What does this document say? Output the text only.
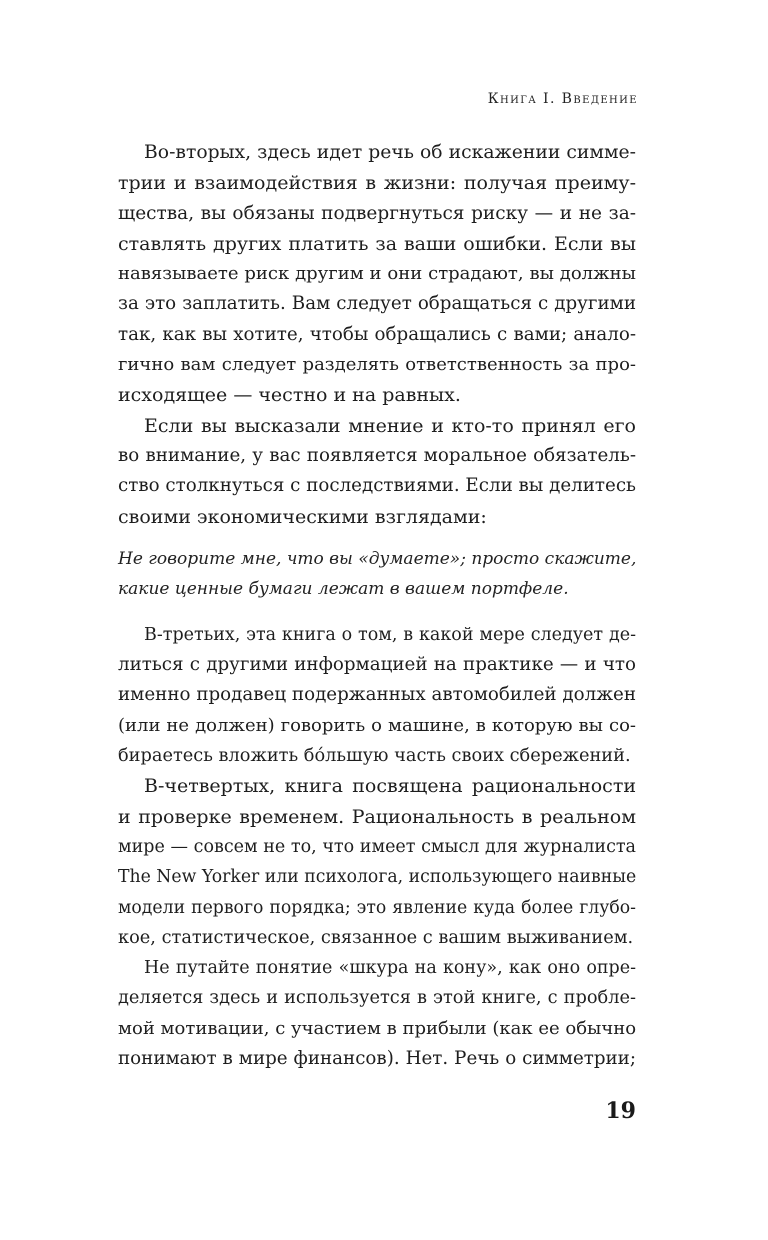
Книга I. Введение
Во-вторых, здесь идет речь об искажении симме-
трии и взаимодействия в жизни: получая преиму-
щества, вы обязаны подвергнуться риску — и не за-
ставлять других платить за ваши ошибки. Если вы
навязываете риск другим и они страдают, вы должны
за это заплатить. Вам следует обращаться с другими
так, как вы хотите, чтобы обращались с вами; анало-
гично вам следует разделять ответственность за про-
исходящее — честно и на равных.
Если вы высказали мнение и кто-то принял его
во внимание, у вас появляется моральное обязатель-
ство столкнуться с последствиями. Если вы делитесь
своими экономическими взглядами:
Не говорите мне, что вы «думаете»; просто скажите,
какие ценные бумаги лежат в вашем портфеле.
В-третьих, эта книга о том, в какой мере следует де-
литься с другими информацией на практике — и что
именно продавец подержанных автомобилей должен
(или не должен) говорить о машине, в которую вы со-
бираетесь вложить бóльшую часть своих сбережений.
В-четвертых, книга посвящена рациональности
и проверке временем. Рациональность в реальном
мире — совсем не то, что имеет смысл для журналиста
The New Yorker или психолога, использующего наивные
модели первого порядка; это явление куда более глубо-
кое, статистическое, связанное с вашим выживанием.
Не путайте понятие «шкура на кону», как оно опре-
деляется здесь и используется в этой книге, с пробле-
мой мотивации, с участием в прибыли (как ее обычно
понимают в мире финансов). Нет. Речь о симметрии;
19
